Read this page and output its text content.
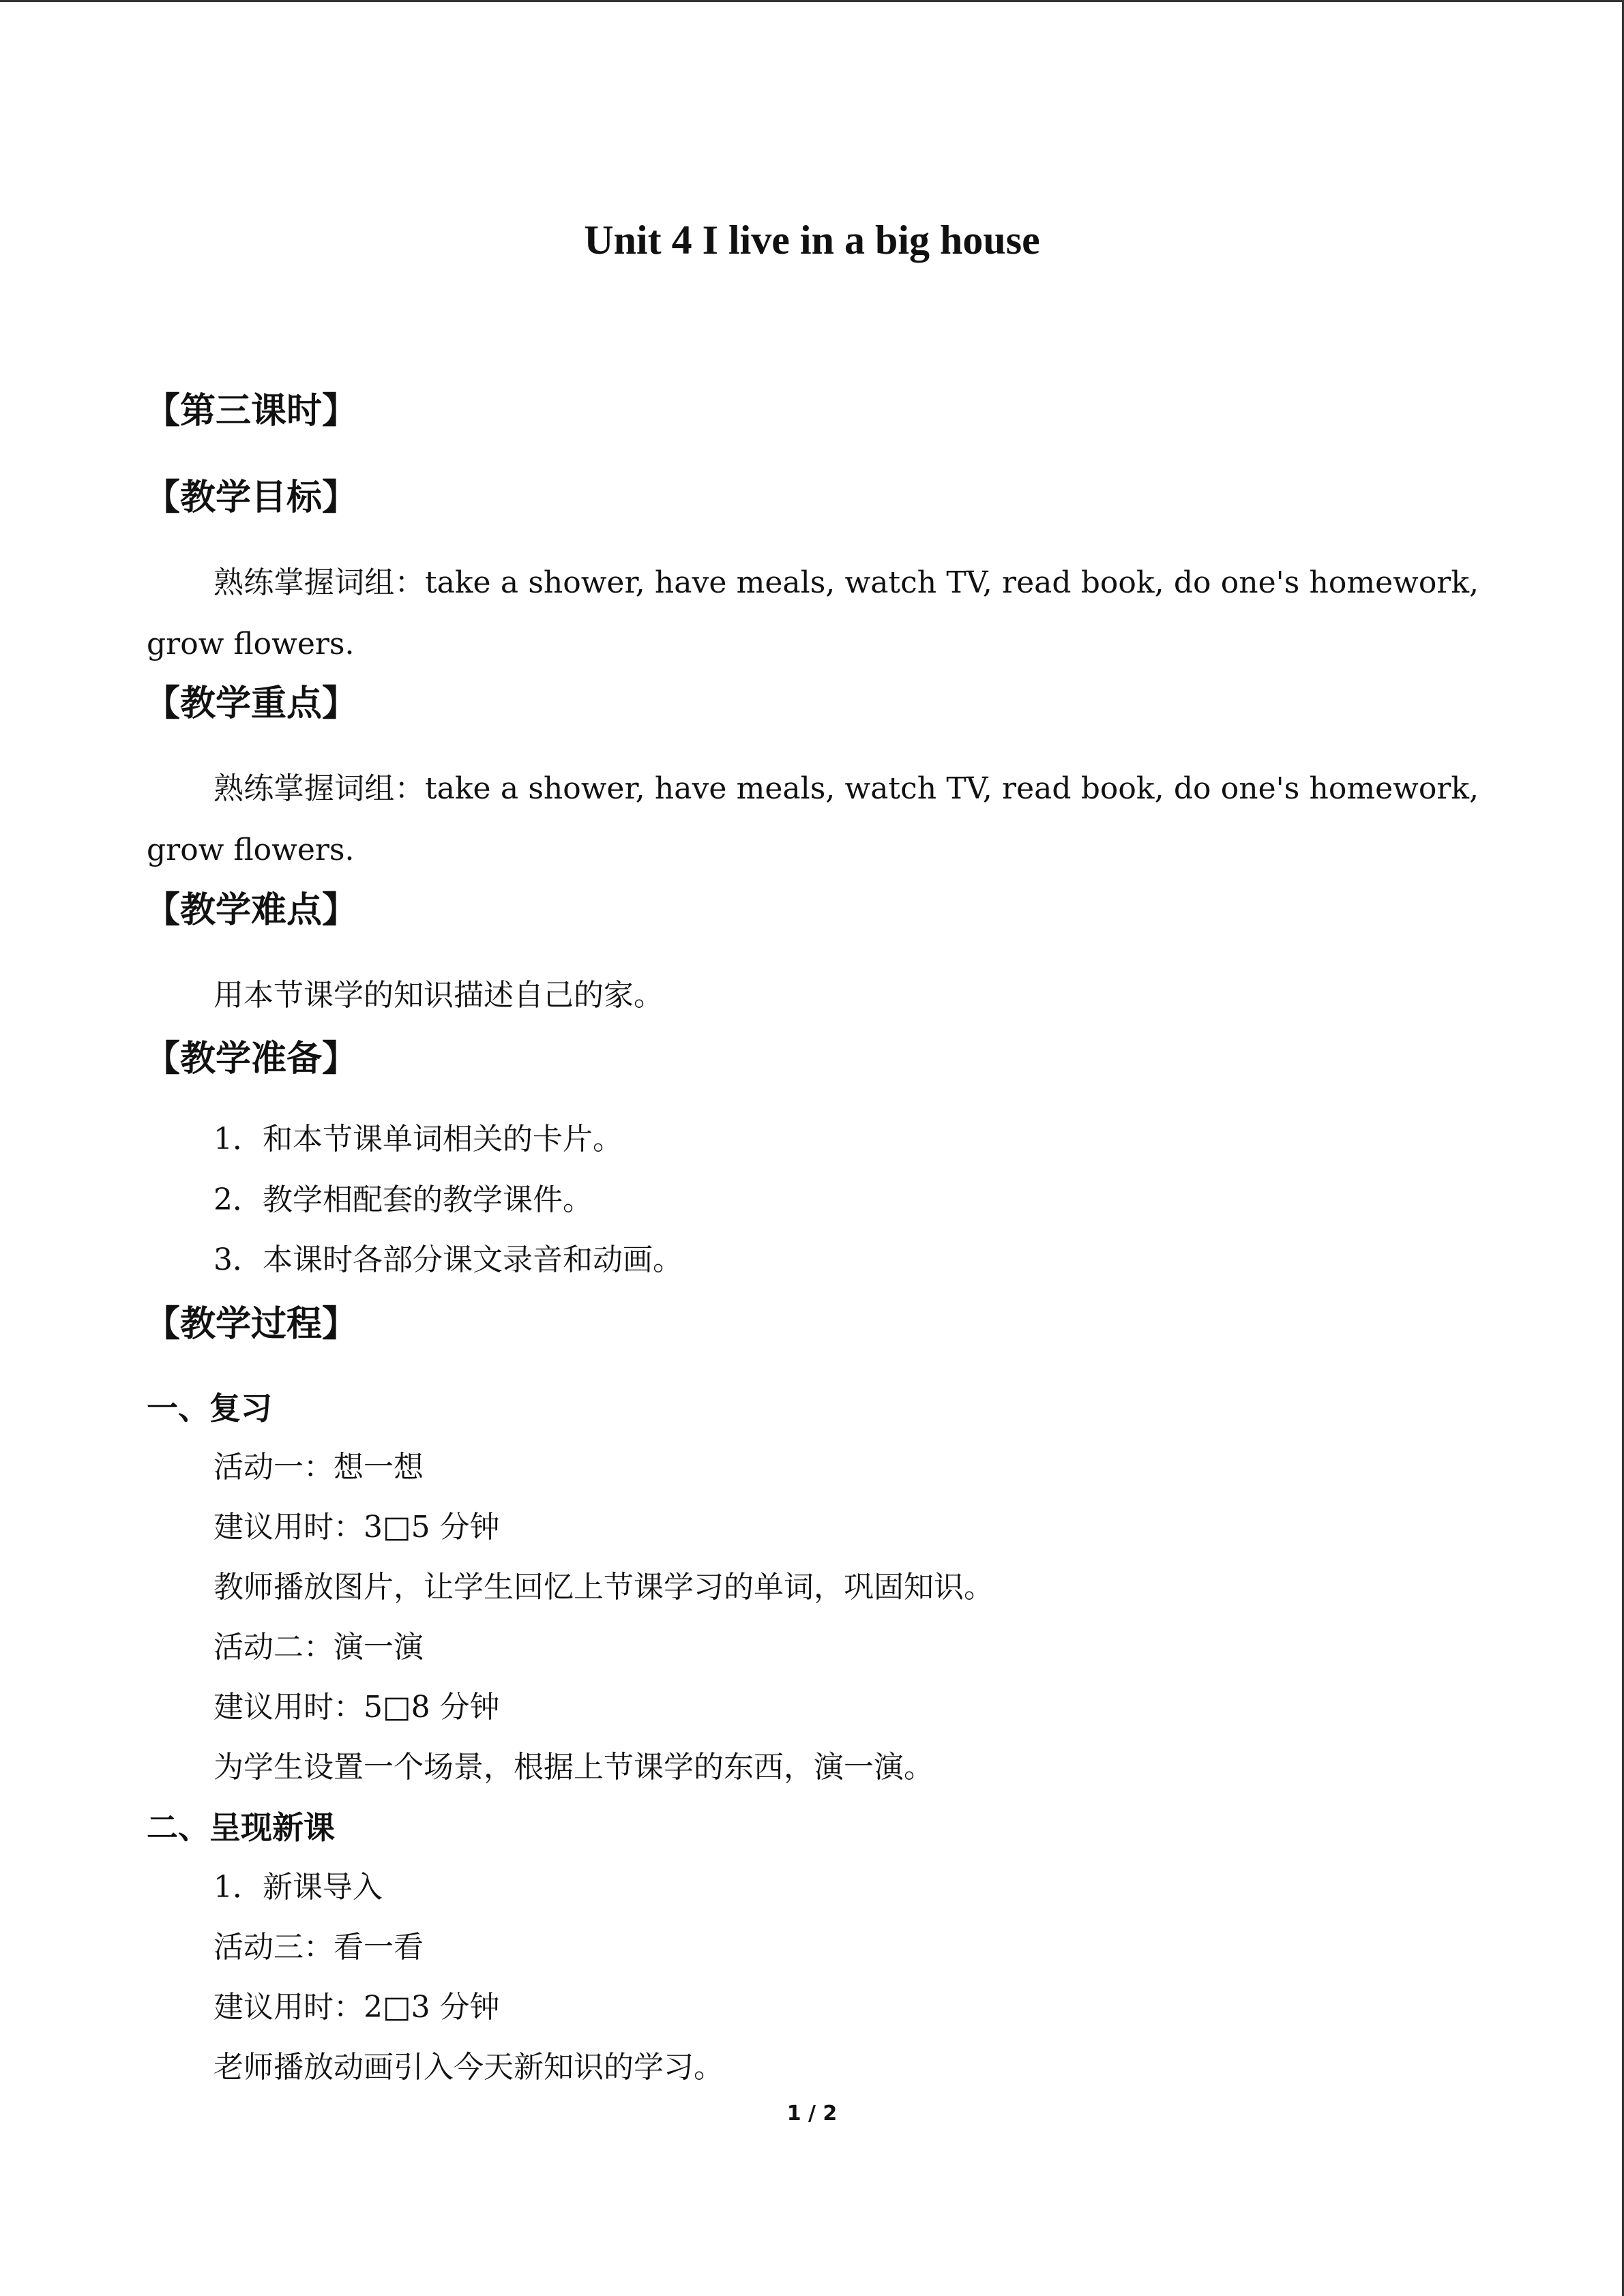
Unit 4 I live in a big house
【第三课时】
【教学目标】
熟练掌握词组：take a shower, have meals, watch TV, read book, do one's homework, grow flowers.
【教学重点】
熟练掌握词组：take a shower, have meals, watch TV, read book, do one's homework, grow flowers.
【教学难点】
用本节课学的知识描述自己的家。
【教学准备】
1．和本节课单词相关的卡片。
2．教学相配套的教学课件。
3．本课时各部分课文录音和动画。
【教学过程】
一、复习
活动一：想一想
建议用时：3□5 分钟
教师播放图片，让学生回忆上节课学习的单词，巩固知识。
活动二：演一演
建议用时：5□8 分钟
为学生设置一个场景，根据上节课学的东西，演一演。
二、呈现新课
1．新课导入
活动三：看一看
建议用时：2□3 分钟
老师播放动画引入今天新知识的学习。
1 / 2
